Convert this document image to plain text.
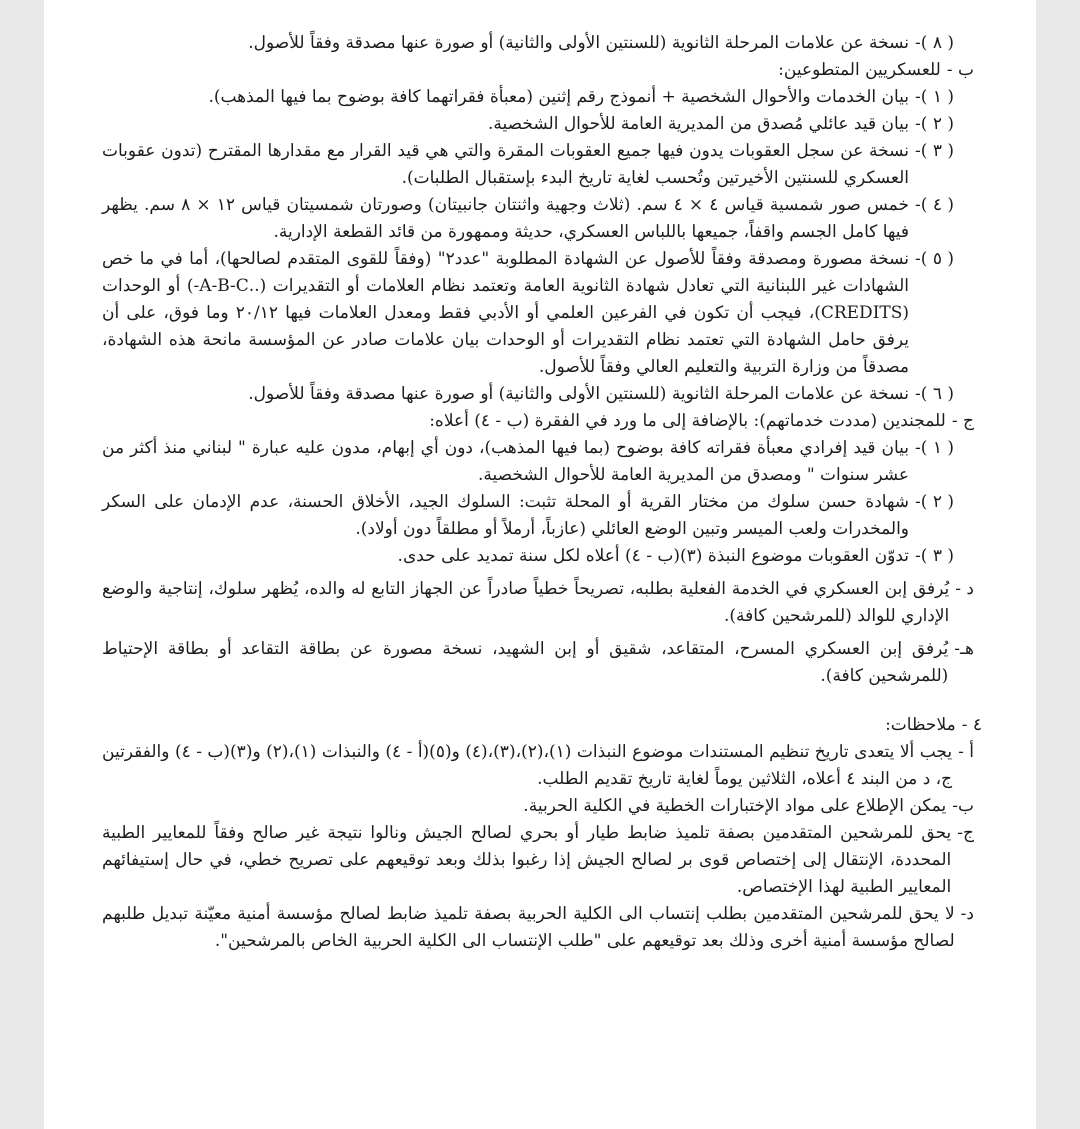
( ٨ )-
نسخة عن علامات المرحلة الثانوية (للسنتين الأولى والثانية) أو صورة عنها مصدقة وفقاً للأصول.
ب -
للعسكريين المتطوعين:
( ١ )-
بيان الخدمات والأحوال الشخصية + أنموذج رقم إثنين (معبأة فقراتهما كافة بوضوح بما فيها المذهب).
( ٢ )-
بيان قيد عائلي مُصدق من المديرية العامة للأحوال الشخصية.
( ٣ )-
نسخة عن سجل العقوبات يدون فيها جميع العقوبات المقرة والتي هي قيد القرار مع مقدارها المقترح (تدون عقوبات العسكري للسنتين الأخيرتين وتُحسب لغاية تاريخ البدء بإستقبال الطلبات).
( ٤ )-
خمس صور شمسية قياس ٤ × ٤ سم. (ثلاث وجهية واثنتان جانبيتان) وصورتان شمسيتان قياس ١٢ × ٨ سم. يظهر فيها كامل الجسم واقفاً، جميعها باللباس العسكري، حديثة وممهورة من قائد القطعة الإدارية.
( ٥ )-
نسخة مصورة ومصدقة وفقاً للأصول عن الشهادة المطلوبة "عدد٢" (وفقاً للقوى المتقدم لصالحها)، أما في ما خص الشهادات غير اللبنانية التي تعادل شهادة الثانوية العامة وتعتمد نظام العلامات أو التقديرات (..A-B-C-) أو الوحدات (CREDITS)، فيجب أن تكون في الفرعين العلمي أو الأدبي فقط ومعدل العلامات فيها ٢٠/١٢ وما فوق، على أن يرفق حامل الشهادة التي تعتمد نظام التقديرات أو الوحدات بيان علامات صادر عن المؤسسة مانحة هذه الشهادة، مصدقاً من وزارة التربية والتعليم العالي وفقاً للأصول.
( ٦ )-
نسخة عن علامات المرحلة الثانوية (للسنتين الأولى والثانية) أو صورة عنها مصدقة وفقاً للأصول.
ج -
للمجندين (مددت خدماتهم): بالإضافة إلى ما ورد في الفقرة (ب - ٤) أعلاه:
( ١ )-
بيان قيد إفرادي معبأة فقراته كافة بوضوح (بما فيها المذهب)، دون أي إبهام، مدون عليه عبارة " لبناني منذ أكثر من عشر سنوات " ومصدق من المديرية العامة للأحوال الشخصية.
( ٢ )-
شهادة حسن سلوك من مختار القرية أو المحلة تثبت: السلوك الجيد، الأخلاق الحسنة، عدم الإدمان على السكر والمخدرات ولعب الميسر وتبين الوضع العائلي (عازباً، أرملاً أو مطلقاً دون أولاد).
( ٣ )-
تدوّن العقوبات موضوع النبذة (٣)(ب - ٤) أعلاه لكل سنة تمديد على حدى.
د -
يُرفق إبن العسكري في الخدمة الفعلية بطلبه، تصريحاً خطياً صادراً عن الجهاز التابع له والده، يُظهر سلوك، إنتاجية والوضع الإداري للوالد (للمرشحين كافة).
هـ-
يُرفق إبن العسكري المسرح، المتقاعد، شقيق أو إبن الشهيد، نسخة مصورة عن بطاقة التقاعد أو بطاقة الإحتياط (للمرشحين كافة).
٤ -
ملاحظات:
أ -
يجب ألا يتعدى تاريخ تنظيم المستندات موضوع النبذات (١)،(٢)،(٣)،(٤) و(٥)(أ - ٤) والنبذات (١)،(٢) و(٣)(ب - ٤) والفقرتين ج، د من البند ٤ أعلاه، الثلاثين يوماً لغاية تاريخ تقديم الطلب.
ب-
يمكن الإطلاع على مواد الإختبارات الخطية في الكلية الحربية.
ج-
يحق للمرشحين المتقدمين بصفة تلميذ ضابط طيار أو بحري لصالح الجيش ونالوا نتيجة غير صالح وفقاً للمعايير الطبية المحددة، الإنتقال إلى إختصاص قوى بر لصالح الجيش إذا رغبوا بذلك وبعد توقيعهم على تصريح خطي، في حال إستيفائهم المعايير الطبية لهذا الإختصاص.
د-
لا يحق للمرشحين المتقدمين بطلب إنتساب الى الكلية الحربية بصفة تلميذ ضابط لصالح مؤسسة أمنية معيّنة تبديل طلبهم لصالح مؤسسة أمنية أخرى وذلك بعد توقيعهم على "طلب الإنتساب الى الكلية الحربية الخاص بالمرشحين".
